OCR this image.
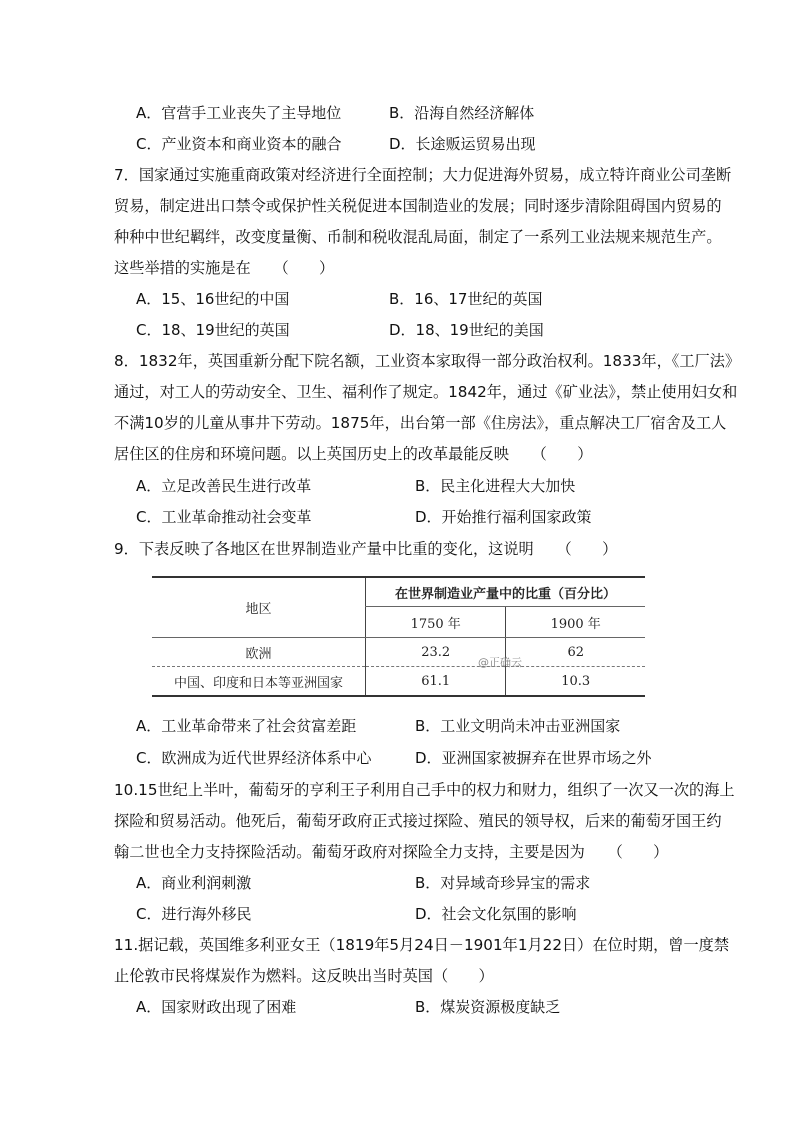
A．官营手工业丧失了主导地位	B．沿海自然经济解体
C．产业资本和商业资本的融合	D．长途贩运贸易出现
7．国家通过实施重商政策对经济进行全面控制；大力促进海外贸易，成立特许商业公司垄断
贸易，制定进出口禁令或保护性关税促进本国制造业的发展；同时逐步清除阻碍国内贸易的
种种中世纪羁绊，改变度量衡、币制和税收混乱局面，制定了一系列工业法规来规范生产。
这些举措的实施是在　　（　　）
A．15、16世纪的中国	B．16、17世纪的英国
C．18、19世纪的英国	D．18、19世纪的美国
8．1832年，英国重新分配下院名额，工业资本家取得一部分政治权利。1833年，《工厂法》
通过，对工人的劳动安全、卫生、福利作了规定。1842年，通过《矿业法》，禁止使用妇女和
不满10岁的儿童从事井下劳动。1875年，出台第一部《住房法》，重点解决工厂宿舍及工人
居住区的住房和环境问题。以上英国历史上的改革最能反映　　（　　）
A．立足改善民生进行改革	B．民主化进程大大加快
C．工业革命推动社会变革	D．开始推行福利国家政策
9．下表反映了各地区在世界制造业产量中比重的变化，这说明　　（　　）
地区	在世界制造业产量中的比重（百分比）	
	1750 年	1900 年
欧洲	23.2	62
中国、印度和日本等亚洲国家	61.1	10.3
@正确云
A．工业革命带来了社会贫富差距	B．工业文明尚未冲击亚洲国家
C．欧洲成为近代世界经济体系中心	D．亚洲国家被摒弃在世界市场之外
10.15世纪上半叶，葡萄牙的亨利王子利用自己手中的权力和财力，组织了一次又一次的海上
探险和贸易活动。他死后，葡萄牙政府正式接过探险、殖民的领导权，后来的葡萄牙国王约
翰二世也全力支持探险活动。葡萄牙政府对探险全力支持，主要是因为　　（　　）
A．商业利润刺激	B．对异域奇珍异宝的需求
C．进行海外移民	D．社会文化氛围的影响
11.据记载，英国维多利亚女王（1819年5月24日－1901年1月22日）在位时期，曾一度禁
止伦敦市民将煤炭作为燃料。这反映出当时英国（　　）
A．国家财政出现了困难	B．煤炭资源极度缺乏
